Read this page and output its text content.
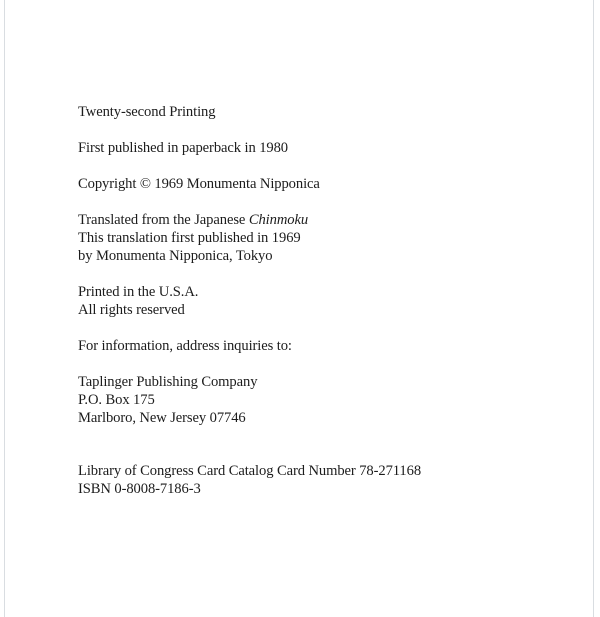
Twenty-second Printing

First published in paperback in 1980

Copyright © 1969 Monumenta Nipponica

Translated from the Japanese Chinmoku
This translation first published in 1969
by Monumenta Nipponica, Tokyo

Printed in the U.S.A.
All rights reserved

For information, address inquiries to:

Taplinger Publishing Company
P.O. Box 175
Marlboro, New Jersey 07746

Library of Congress Card Catalog Card Number 78-271168
ISBN 0-8008-7186-3
